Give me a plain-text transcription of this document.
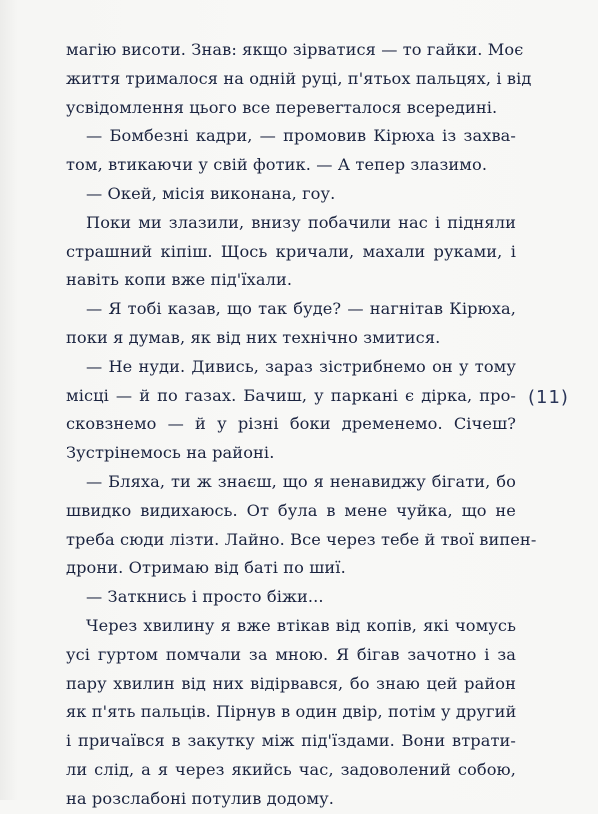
магію висоти. Знав: якщо зірватися — то гайки. Моє
життя трималося на одній руці, п'ятьох пальцях, і від
усвідомлення цього все перевerталося всередині.
— Бомбезні кадри, — промовив Кірюха із захва-
том, втикаючи у свій фотик. — А тепер злазимо.
— Окей, місія виконана, гоу.
Поки ми злазили, внизу побачили нас і підняли
страшний кіпіш. Щось кричали, махали руками, і
навіть копи вже під'їхали.
— Я тобі казав, що так буде? — нагнітав Кірюха,
поки я думав, як від них технічно змитися.
— Не нуди. Дивись, зараз зістрибнемо он у тому
місці — й по газах. Бачиш, у паркані є дірка, про-
сковзнемо — й у різні боки дременемо. Січеш?
Зустрінемось на районі.
— Бляха, ти ж знаєш, що я ненавиджу бігати, бо
швидко видихаюсь. От була в мене чуйка, що не
треба сюди лізти. Лайно. Все через тебе й твої випен-
дрони. Отримаю від баті по шиї.
— Заткнись і просто біжи...
Через хвилину я вже втікав від копів, які чомусь
усі гуртом помчали за мною. Я бігав зачотно і за
пару хвилин від них відірвався, бо знаю цей район
як п'ять пальців. Пірнув в один двір, потім у другий
і причаївся в закутку між під'їздами. Вони втрати-
ли слід, а я через якийсь час, задоволений собою,
на розслабоні потулив додому.
(11)
